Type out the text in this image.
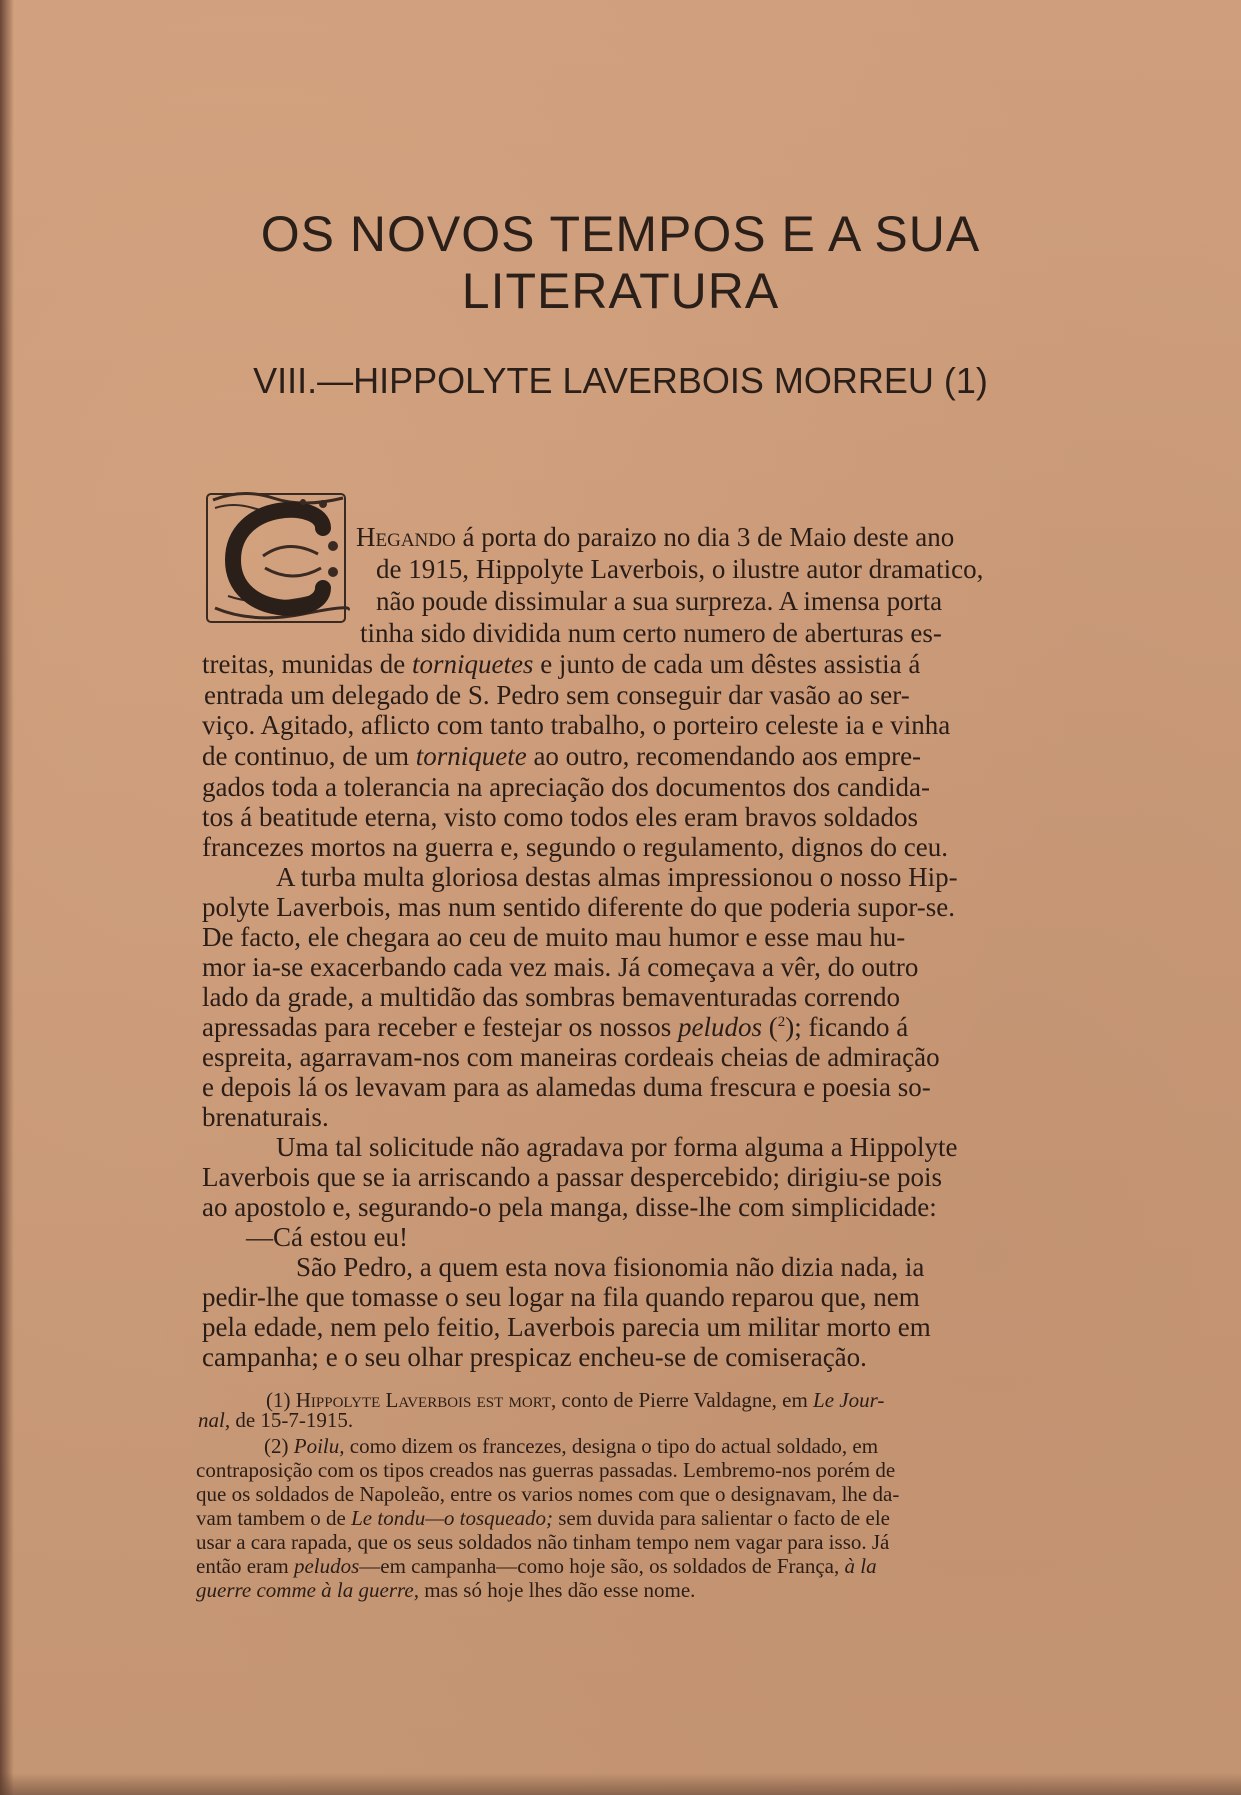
OS NOVOS TEMPOS E A SUA
LITERATURA
VIII.—HIPPOLYTE LAVERBOIS MORREU (1)
Hegando á porta do paraizo no dia 3 de Maio deste ano
de 1915, Hippolyte Laverbois, o ilustre autor dramatico,
não poude dissimular a sua surpreza. A imensa porta
tinha sido dividida num certo numero de aberturas es-
treitas, munidas de torniquetes e junto de cada um dêstes assistia á
entrada um delegado de S. Pedro sem conseguir dar vasão ao ser-
viço. Agitado, aflicto com tanto trabalho, o porteiro celeste ia e vinha
de continuo, de um torniquete ao outro, recomendando aos empre-
gados toda a tolerancia na apreciação dos documentos dos candida-
tos á beatitude eterna, visto como todos eles eram bravos soldados
francezes mortos na guerra e, segundo o regulamento, dignos do ceu.
A turba multa gloriosa destas almas impressionou o nosso Hip-
polyte Laverbois, mas num sentido diferente do que poderia supor-se.
De facto, ele chegara ao ceu de muito mau humor e esse mau hu-
mor ia-se exacerbando cada vez mais. Já começava a vêr, do outro
lado da grade, a multidão das sombras bemaventuradas correndo
apressadas para receber e festejar os nossos peludos ($^2$); ficando á
espreita, agarravam-nos com maneiras cordeais cheias de admiração
e depois lá os levavam para as alamedas duma frescura e poesia so-
brenaturais.
Uma tal solicitude não agradava por forma alguma a Hippolyte
Laverbois que se ia arriscando a passar despercebido; dirigiu-se pois
ao apostolo e, segurando-o pela manga, disse-lhe com simplicidade:
—Cá estou eu!
São Pedro, a quem esta nova fisionomia não dizia nada, ia
pedir-lhe que tomasse o seu logar na fila quando reparou que, nem
pela edade, nem pelo feitio, Laverbois parecia um militar morto em
campanha; e o seu olhar prespicaz encheu-se de comiseração.
(1) Hippolyte Laverbois est mort, conto de Pierre Valdagne, em Le Jour-
nal, de 15-7-1915.
(2) Poilu, como dizem os francezes, designa o tipo do actual soldado, em
contraposição com os tipos creados nas guerras passadas. Lembremo-nos porém de
que os soldados de Napoleão, entre os varios nomes com que o designavam, lhe da-
vam tambem o de Le tondu—o tosqueado; sem duvida para salientar o facto de ele
usar a cara rapada, que os seus soldados não tinham tempo nem vagar para isso. Já
então eram peludos—em campanha—como hoje são, os soldados de França, à la
guerre comme à la guerre, mas só hoje lhes dão esse nome.
